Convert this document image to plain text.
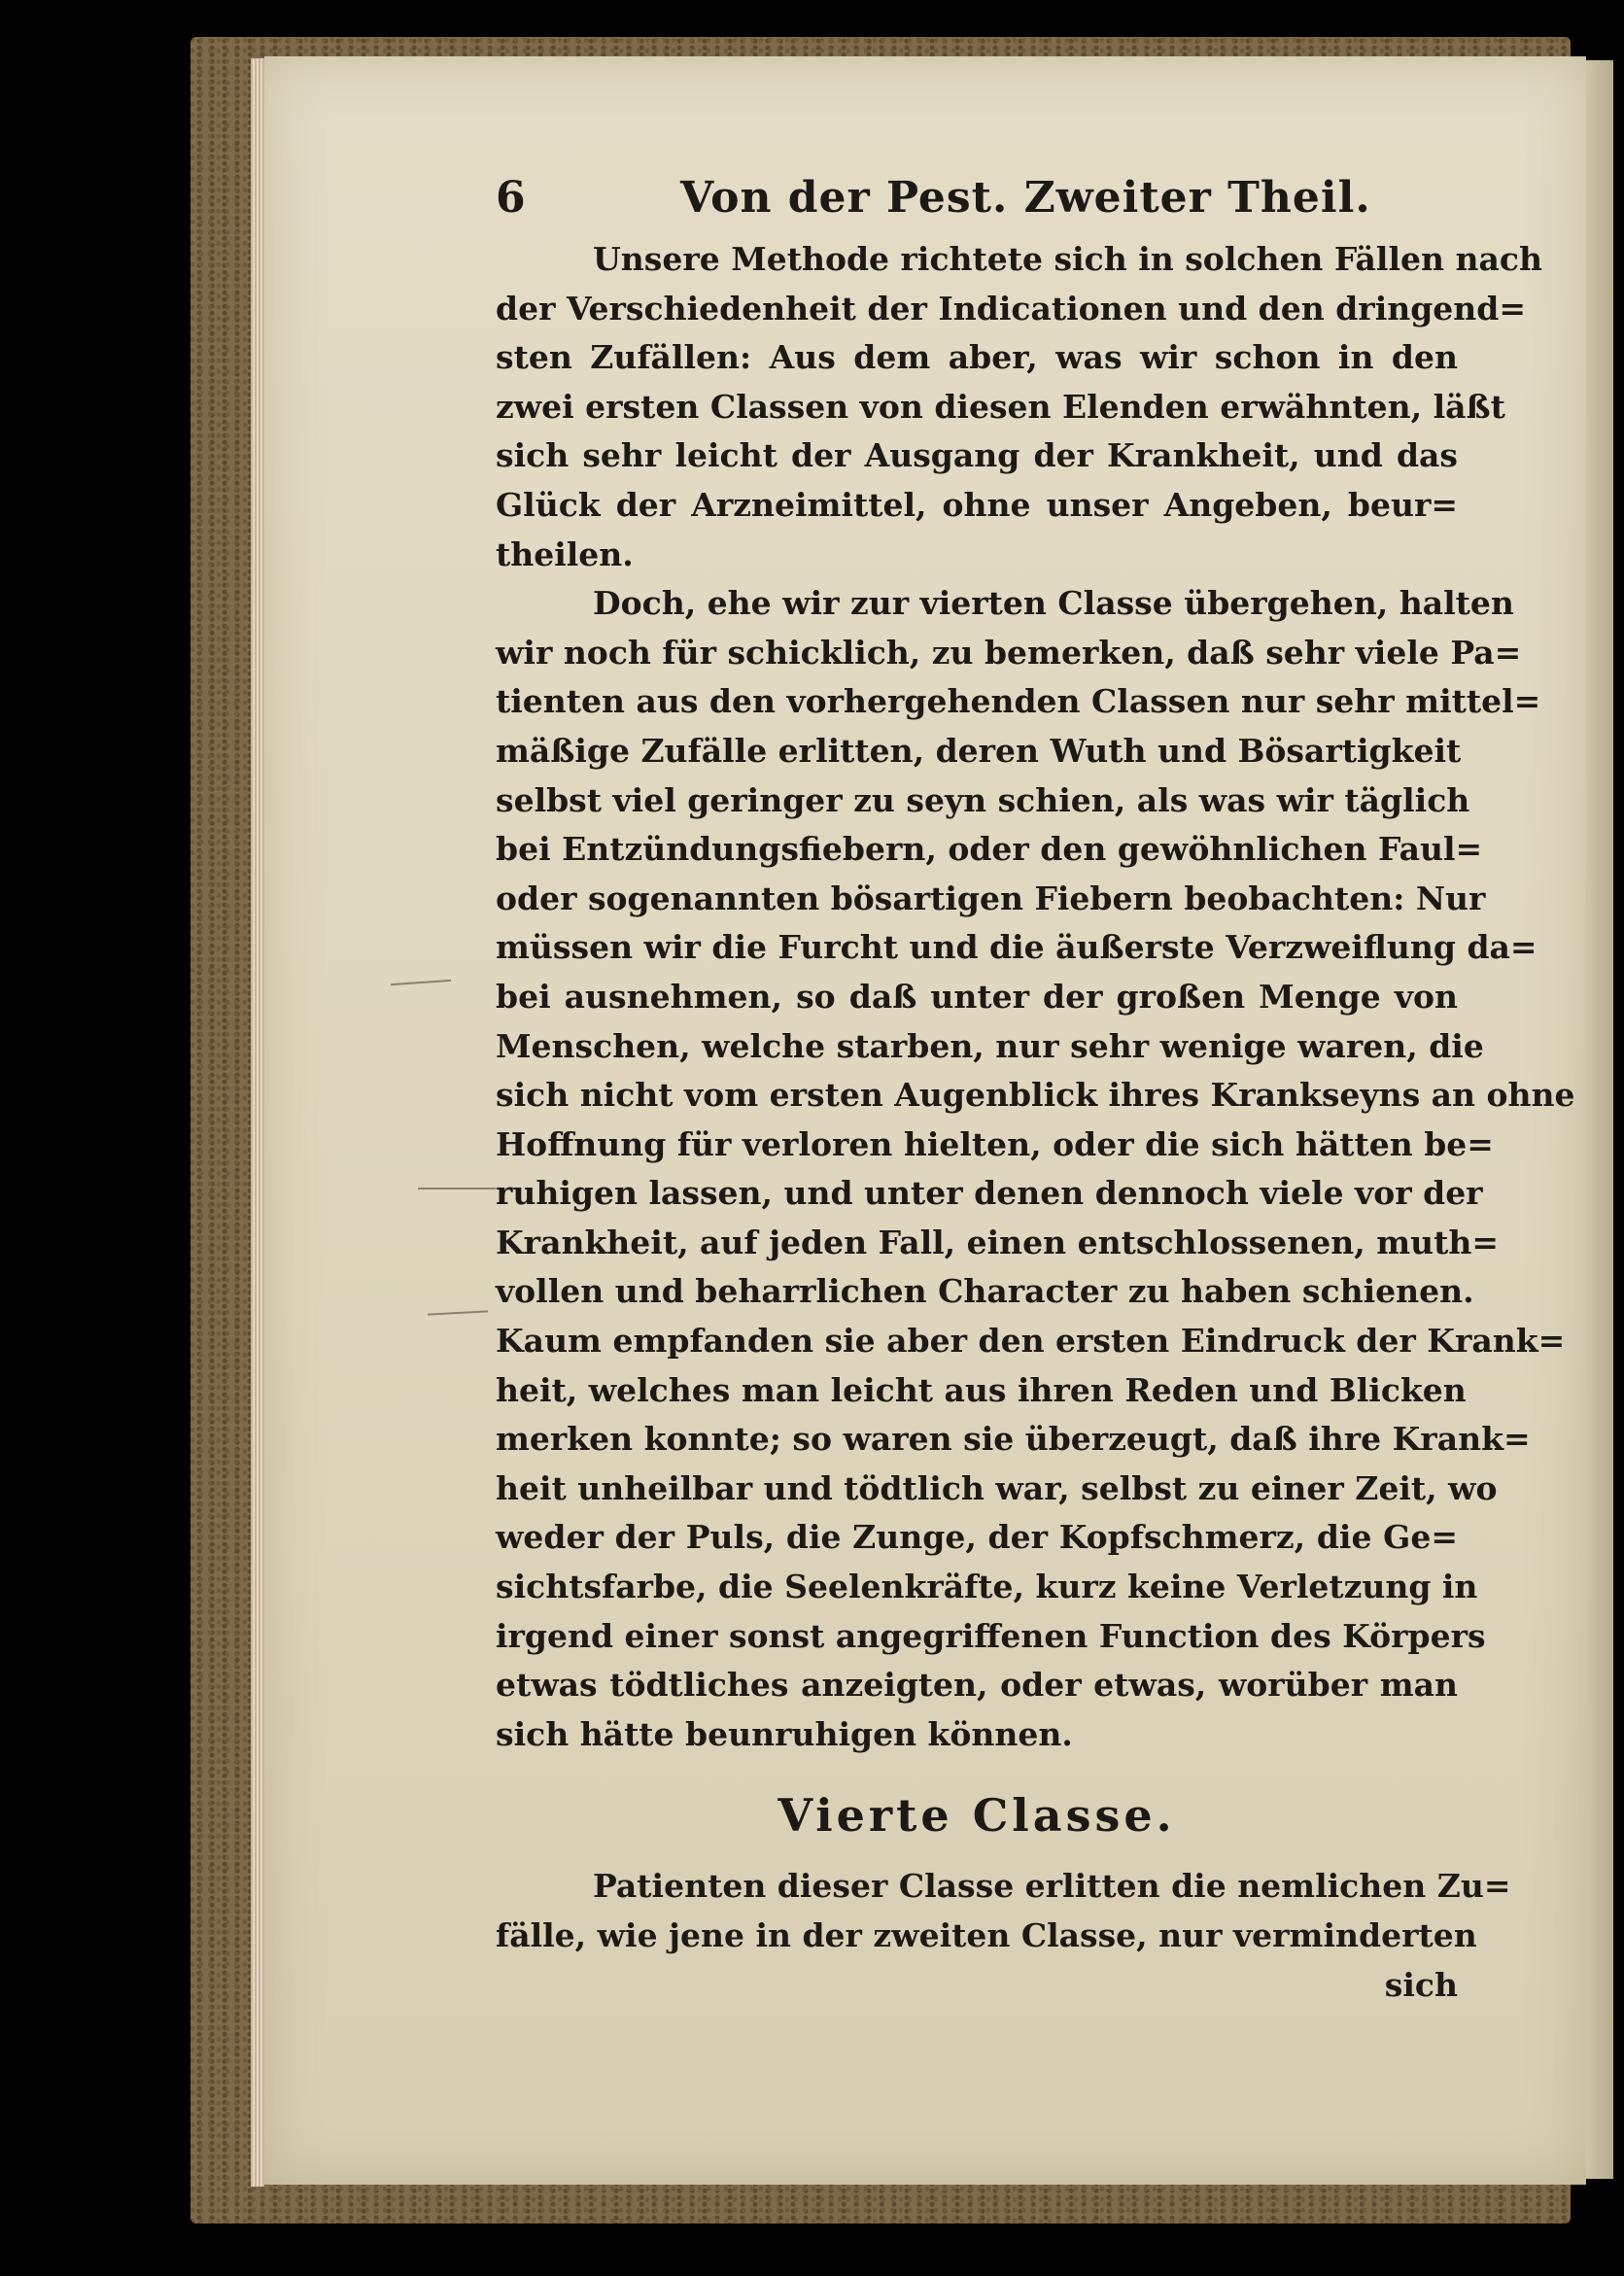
6	Von der Pest. Zweiter Theil.
Unsere Methode richtete sich in solchen Fällen nach
der Verschiedenheit der Indicationen und den dringend=
sten Zufällen: Aus dem aber, was wir schon in den
zwei ersten Classen von diesen Elenden erwähnten, läßt
sich sehr leicht der Ausgang der Krankheit, und das
Glück der Arzneimittel, ohne unser Angeben, beur=
theilen.
Doch, ehe wir zur vierten Classe übergehen, halten
wir noch für schicklich, zu bemerken, daß sehr viele Pa=
tienten aus den vorhergehenden Classen nur sehr mittel=
mäßige Zufälle erlitten, deren Wuth und Bösartigkeit
selbst viel geringer zu seyn schien, als was wir täglich
bei Entzündungsfiebern, oder den gewöhnlichen Faul=
oder sogenannten bösartigen Fiebern beobachten: Nur
müssen wir die Furcht und die äußerste Verzweiflung da=
bei ausnehmen, so daß unter der großen Menge von
Menschen, welche starben, nur sehr wenige waren, die
sich nicht vom ersten Augenblick ihres Krankseyns an ohne
Hoffnung für verloren hielten, oder die sich hätten be=
ruhigen lassen, und unter denen dennoch viele vor der
Krankheit, auf jeden Fall, einen entschlossenen, muth=
vollen und beharrlichen Character zu haben schienen.
Kaum empfanden sie aber den ersten Eindruck der Krank=
heit, welches man leicht aus ihren Reden und Blicken
merken konnte; so waren sie überzeugt, daß ihre Krank=
heit unheilbar und tödtlich war, selbst zu einer Zeit, wo
weder der Puls, die Zunge, der Kopfschmerz, die Ge=
sichtsfarbe, die Seelenkräfte, kurz keine Verletzung in
irgend einer sonst angegriffenen Function des Körpers
etwas tödtliches anzeigten, oder etwas, worüber man
sich hätte beunruhigen können.
Vierte Classe.
Patienten dieser Classe erlitten die nemlichen Zu=
fälle, wie jene in der zweiten Classe, nur verminderten
sich
